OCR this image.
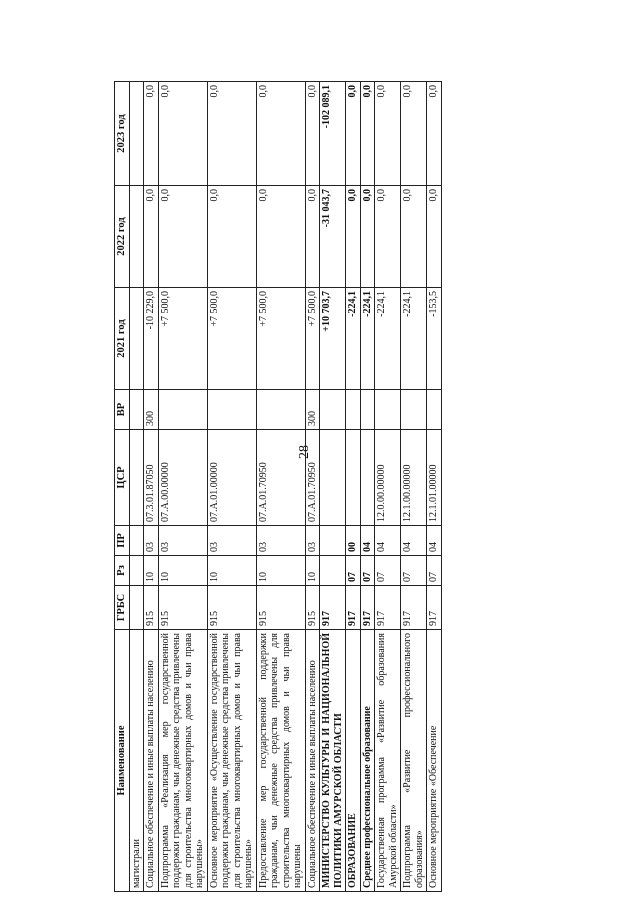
28
Наименование	ГРБС	Рз	ПР	ЦСР	ВР	2021 год	2022 год	2023 год
магистрали								
Социальное обеспечение и иные выплаты населению	915	10	03	07.3.01.87050	300	-10 229,0	0,0	0,0
Подпрограмма «Реализация мер государственной поддержки гражданам, чьи денежные средства привлечены для строительства многоквартирных домов и чьи права нарушены»	915	10	03	07.А.00.00000		+7 500,0	0,0	0,0
Основное мероприятие «Осуществление государственной поддержки гражданам, чьи денежные средства привлечены для строительства многоквартирных домов и чьи права нарушены»	915	10	03	07.А.01.00000		+7 500,0	0,0	0,0
Предоставление мер государственной поддержки гражданам, чьи денежные средства привлечены для строительства многоквартирных домов и чьи права нарушены	915	10	03	07.А.01.70950		+7 500,0	0,0	0,0
Социальное обеспечение и иные выплаты населению	915	10	03	07.А.01.70950	300	+7 500,0	0,0	0,0
МИНИСТЕРСТВО КУЛЬТУРЫ И НАЦИОНАЛЬНОЙ ПОЛИТИКИ АМУРСКОЙ ОБЛАСТИ	917					+10 703,7	-31 043,7	-102 089,1
ОБРАЗОВАНИЕ	917	07	00			-224,1	0,0	0,0
Среднее профессиональное образование	917	07	04			-224,1	0,0	0,0
Государственная программа «Развитие образования Амурской области»	917	07	04	12.0.00.00000		-224,1	0,0	0,0
Подпрограмма «Развитие профессионального образования»	917	07	04	12.1.00.00000		-224,1	0,0	0,0
Основное мероприятие «Обеспечение	917	07	04	12.1.01.00000		-153,5	0,0	0,0
